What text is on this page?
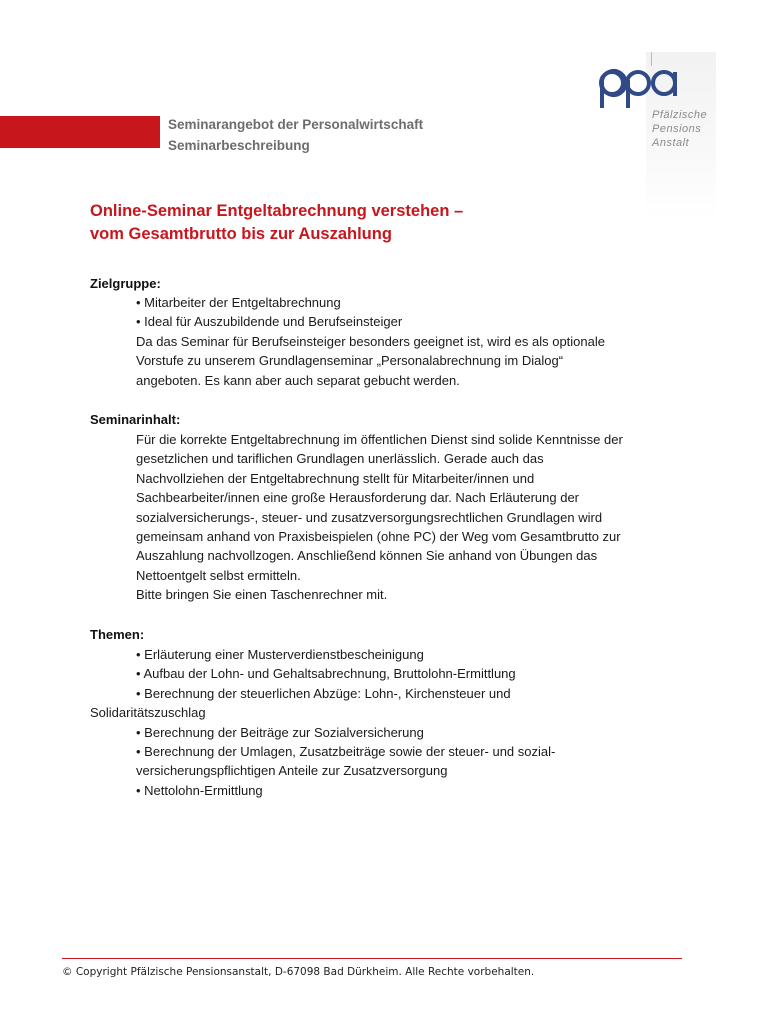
Seminarangebot der Personalwirtschaft
Seminarbeschreibung
Pfälzische
Pensions
Anstalt
Online-Seminar Entgeltabrechnung verstehen –
vom Gesamtbrutto bis zur Auszahlung
Zielgruppe:
• Mitarbeiter der Entgeltabrechnung
• Ideal für Auszubildende und Berufseinsteiger
Da das Seminar für Berufseinsteiger besonders geeignet ist, wird es als optionale
Vorstufe zu unserem Grundlagenseminar „Personalabrechnung im Dialog“
angeboten. Es kann aber auch separat gebucht werden.
Seminarinhalt:
Für die korrekte Entgeltabrechnung im öffentlichen Dienst sind solide Kenntnisse der
gesetzlichen und tariflichen Grundlagen unerlässlich. Gerade auch das
Nachvollziehen der Entgeltabrechnung stellt für Mitarbeiter/innen und
Sachbearbeiter/innen eine große Herausforderung dar. Nach Erläuterung der
sozialversicherungs-, steuer- und zusatzversorgungsrechtlichen Grundlagen wird
gemeinsam anhand von Praxisbeispielen (ohne PC) der Weg vom Gesamtbrutto zur
Auszahlung nachvollzogen. Anschließend können Sie anhand von Übungen das
Nettoentgelt selbst ermitteln.
Bitte bringen Sie einen Taschenrechner mit.
Themen:
• Erläuterung einer Musterverdienstbescheinigung
• Aufbau der Lohn- und Gehaltsabrechnung, Bruttolohn-Ermittlung
• Berechnung der steuerlichen Abzüge: Lohn-, Kirchensteuer und
Solidaritätszuschlag
• Berechnung der Beiträge zur Sozialversicherung
• Berechnung der Umlagen, Zusatzbeiträge sowie der steuer- und sozial-
versicherungspflichtigen Anteile zur Zusatzversorgung
• Nettolohn-Ermittlung
© Copyright Pfälzische Pensionsanstalt, D-67098 Bad Dürkheim. Alle Rechte vorbehalten.
